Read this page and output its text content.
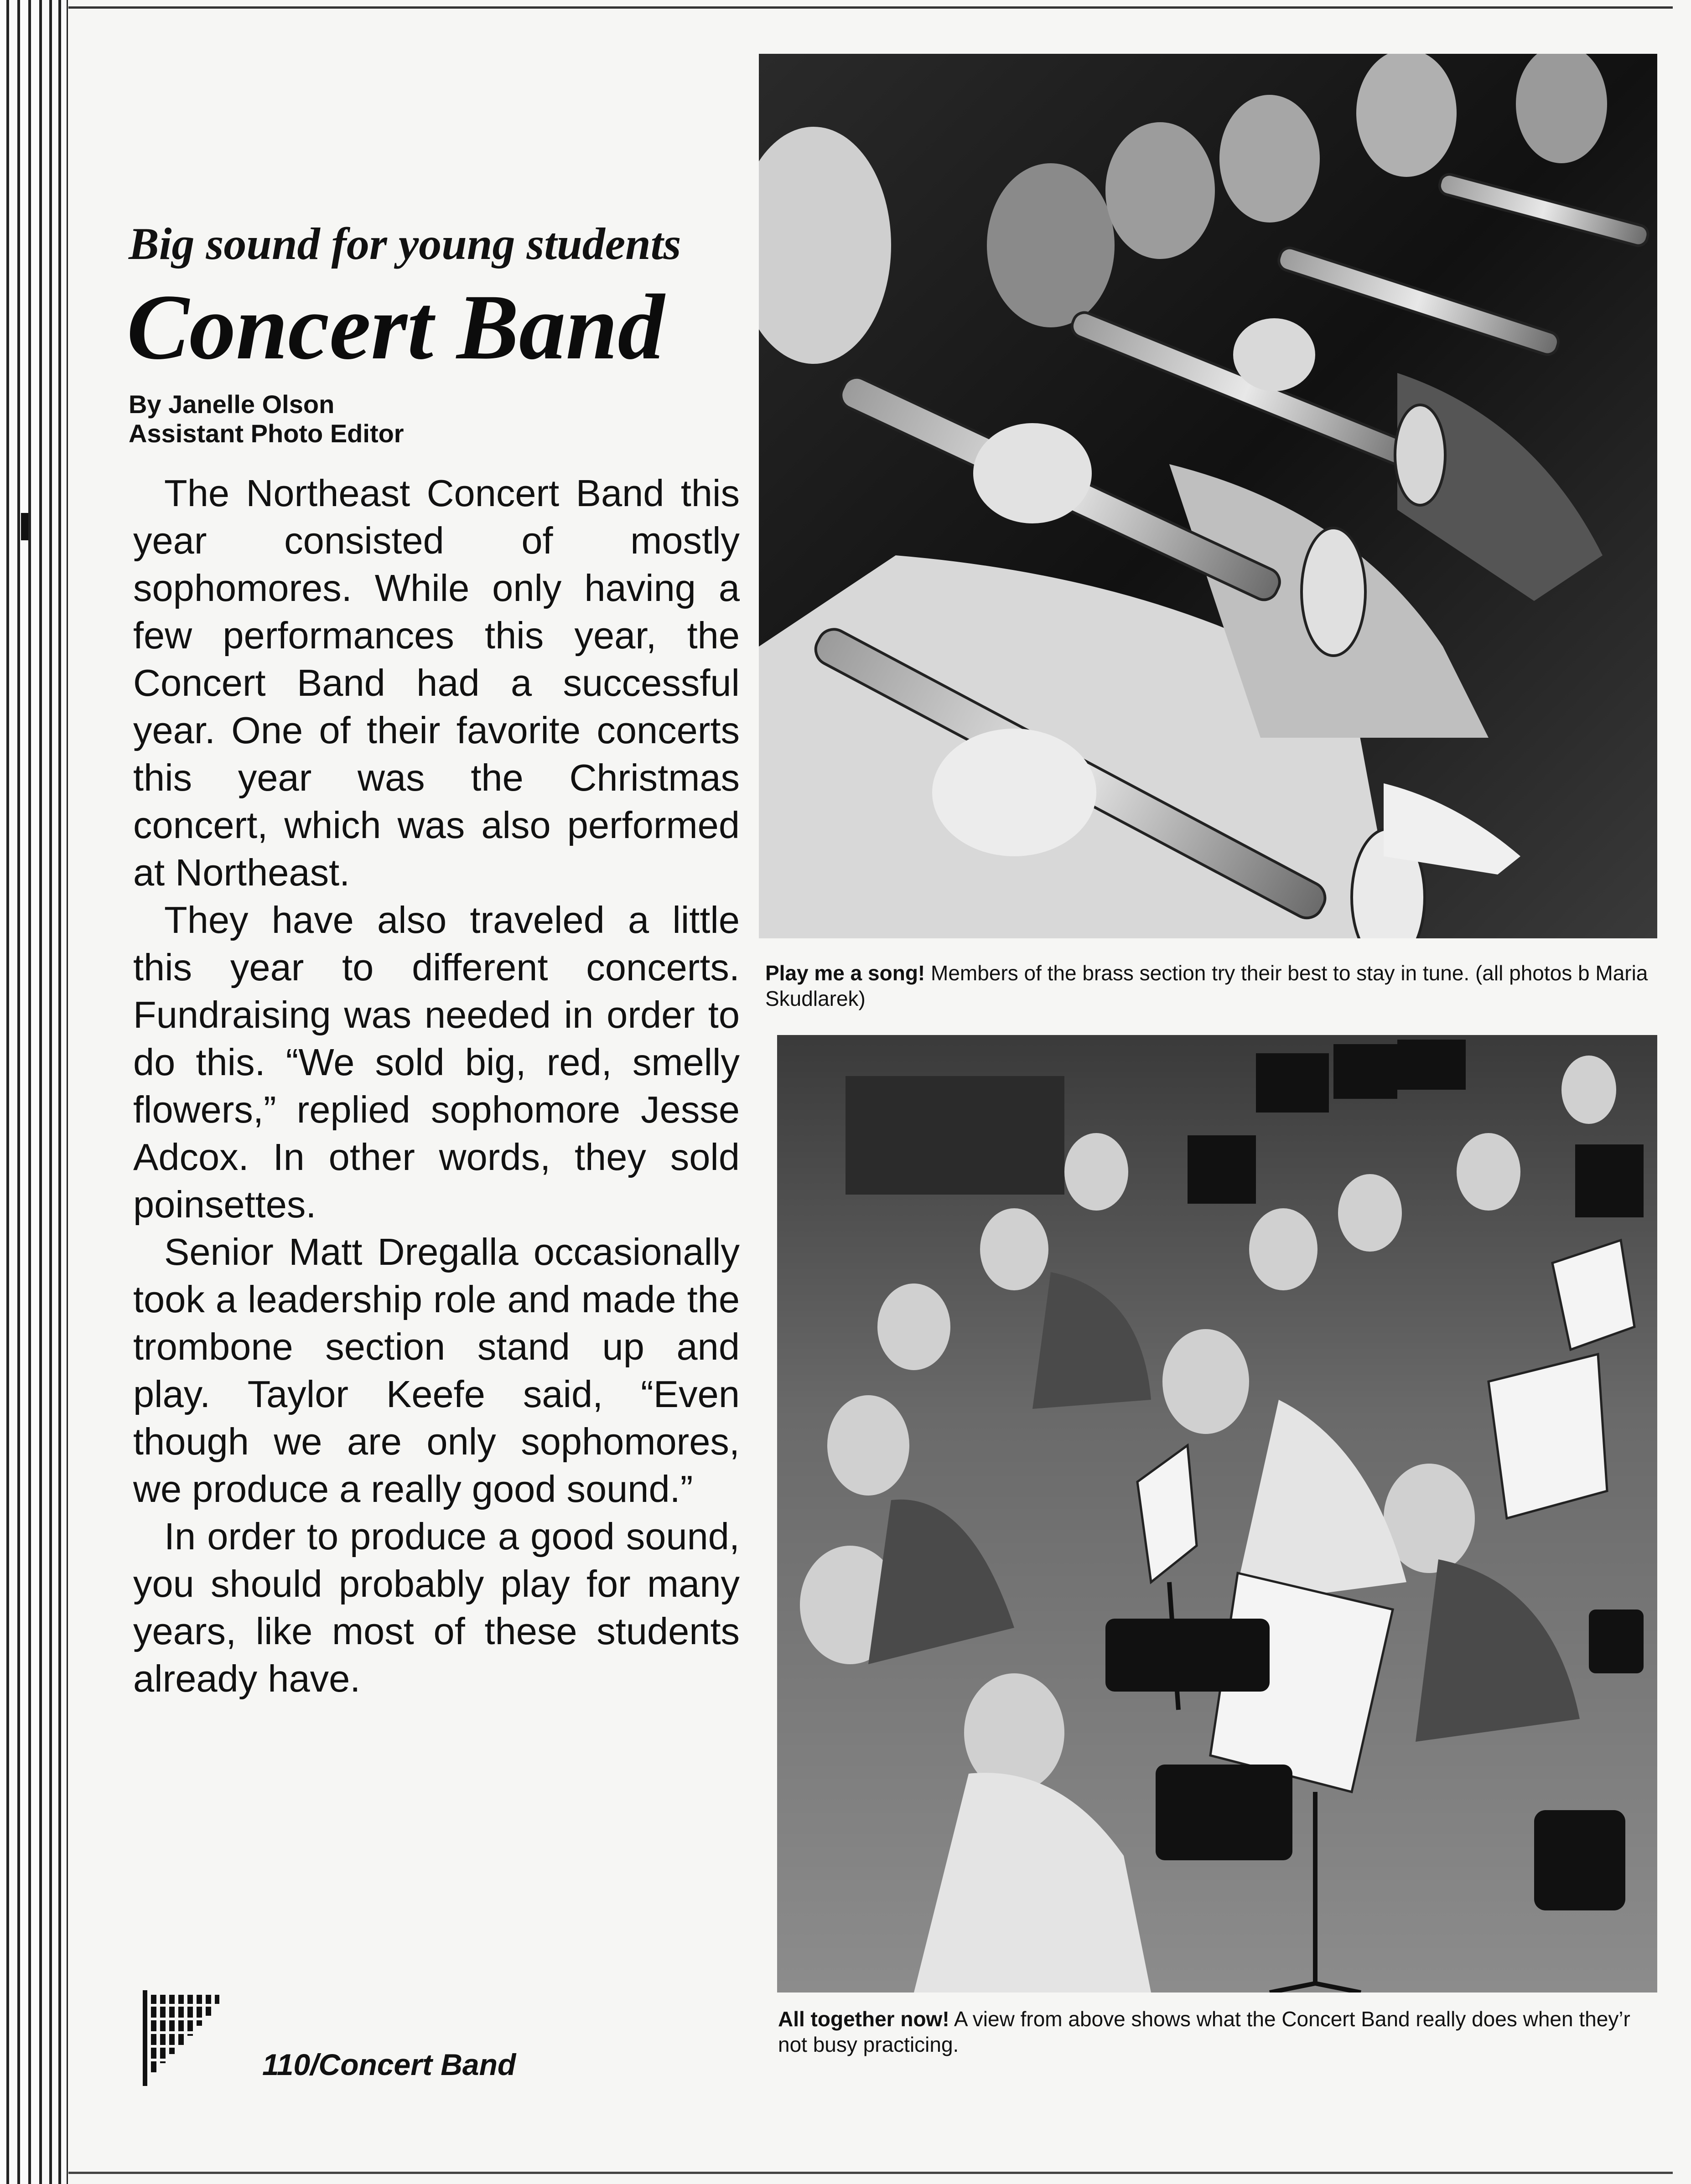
Big sound for young students
Concert Band
By Janelle Olson
Assistant Photo Editor

The Northeast Concert Band this year consisted of mostly sophomores. While only having a few performances this year, the Concert Band had a successful year. One of their favorite concerts this year was the Christmas concert, which was also performed at Northeast.

They have also traveled a little this year to different concerts. Fundraising was needed in order to do this. “We sold big, red, smelly flowers,” replied sophomore Jesse Adcox. In other words, they sold poinsettes.

Senior Matt Dregalla occasionally took a leadership role and made the trombone section stand up and play. Taylor Keefe said, “Even though we are only sophomores, we produce a really good sound.”

In order to produce a good sound, you should probably play for many years, like most of these students already have.

Play me a song! Members of the brass section try their best to stay in tune. (all photos b Maria Skudlarek)
All together now! A view from above shows what the Concert Band really does when they’r not busy practicing.
110/Concert Band
